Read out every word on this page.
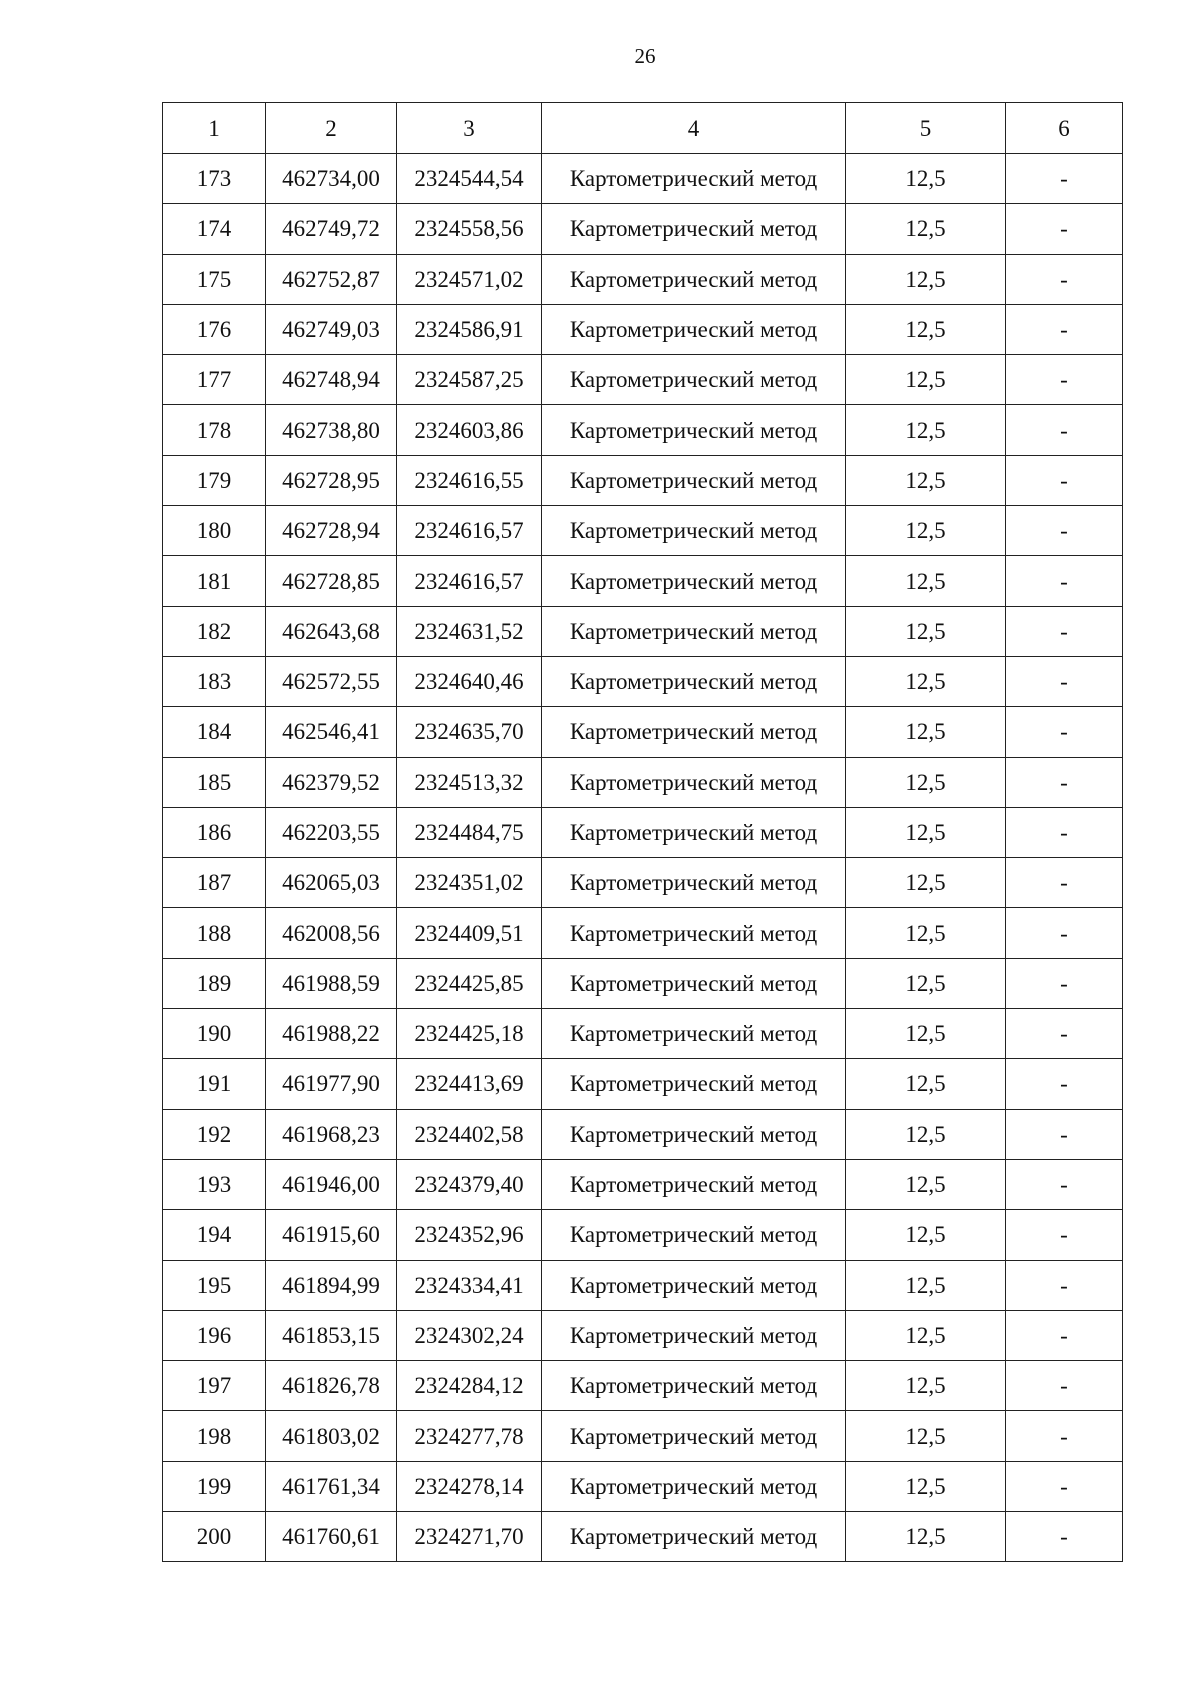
26
1	2	3	4	5	6
173	462734,00	2324544,54	Картометрический метод	12,5	-
174	462749,72	2324558,56	Картометрический метод	12,5	-
175	462752,87	2324571,02	Картометрический метод	12,5	-
176	462749,03	2324586,91	Картометрический метод	12,5	-
177	462748,94	2324587,25	Картометрический метод	12,5	-
178	462738,80	2324603,86	Картометрический метод	12,5	-
179	462728,95	2324616,55	Картометрический метод	12,5	-
180	462728,94	2324616,57	Картометрический метод	12,5	-
181	462728,85	2324616,57	Картометрический метод	12,5	-
182	462643,68	2324631,52	Картометрический метод	12,5	-
183	462572,55	2324640,46	Картометрический метод	12,5	-
184	462546,41	2324635,70	Картометрический метод	12,5	-
185	462379,52	2324513,32	Картометрический метод	12,5	-
186	462203,55	2324484,75	Картометрический метод	12,5	-
187	462065,03	2324351,02	Картометрический метод	12,5	-
188	462008,56	2324409,51	Картометрический метод	12,5	-
189	461988,59	2324425,85	Картометрический метод	12,5	-
190	461988,22	2324425,18	Картометрический метод	12,5	-
191	461977,90	2324413,69	Картометрический метод	12,5	-
192	461968,23	2324402,58	Картометрический метод	12,5	-
193	461946,00	2324379,40	Картометрический метод	12,5	-
194	461915,60	2324352,96	Картометрический метод	12,5	-
195	461894,99	2324334,41	Картометрический метод	12,5	-
196	461853,15	2324302,24	Картометрический метод	12,5	-
197	461826,78	2324284,12	Картометрический метод	12,5	-
198	461803,02	2324277,78	Картометрический метод	12,5	-
199	461761,34	2324278,14	Картометрический метод	12,5	-
200	461760,61	2324271,70	Картометрический метод	12,5	-
